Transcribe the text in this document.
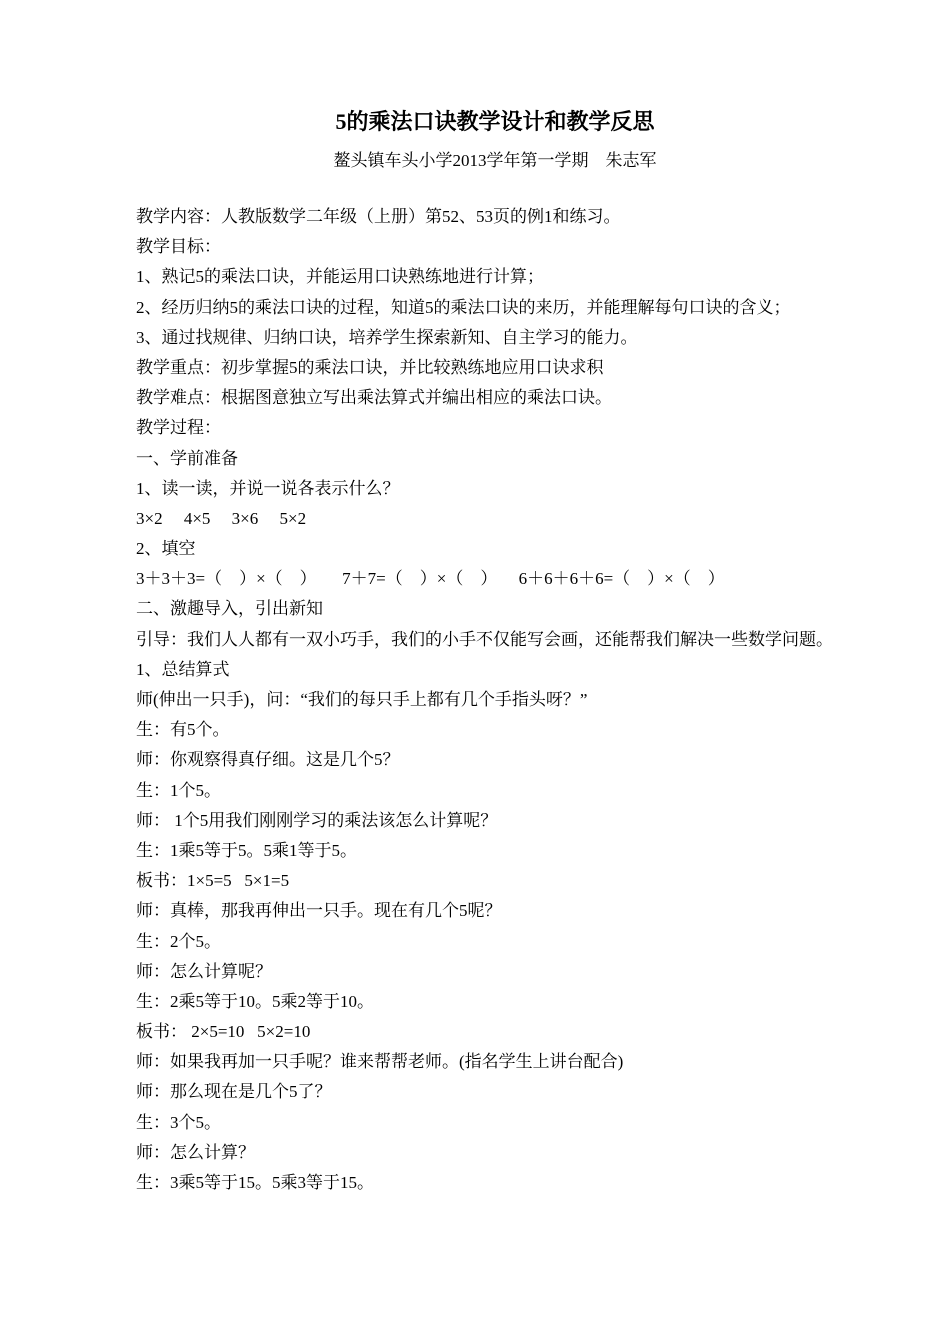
5的乘法口诀教学设计和教学反思
鳌头镇车头小学2013学年第一学期    朱志军
教学内容：人教版数学二年级（上册）第52、53页的例1和练习。
教学目标：
1、熟记5的乘法口诀，并能运用口诀熟练地进行计算；
2、经历归纳5的乘法口诀的过程，知道5的乘法口诀的来历，并能理解每句口诀的含义；
3、通过找规律、归纳口诀，培养学生探索新知、自主学习的能力。
教学重点：初步掌握5的乘法口诀，并比较熟练地应用口诀求积
教学难点：根据图意独立写出乘法算式并编出相应的乘法口诀。
教学过程：
一、学前准备
1、读一读，并说一说各表示什么？
3×2     4×5     3×6     5×2
2、填空
3＋3＋3=（    ）×（    ）      7＋7=（    ）×（    ）     6＋6＋6＋6=（    ）×（    ）
二、激趣导入，引出新知
引导：我们人人都有一双小巧手，我们的小手不仅能写会画，还能帮我们解决一些数学问题。
1、总结算式
师(伸出一只手)，问：“我们的每只手上都有几个手指头呀？”
生：有5个。
师：你观察得真仔细。这是几个5？
生：1个5。
师： 1个5用我们刚刚学习的乘法该怎么计算呢？
生：1乘5等于5。5乘1等于5。
板书：1×5=5   5×1=5
师：真棒，那我再伸出一只手。现在有几个5呢？
生：2个5。
师：怎么计算呢？
生：2乘5等于10。5乘2等于10。
板书： 2×5=10   5×2=10
师：如果我再加一只手呢？谁来帮帮老师。(指名学生上讲台配合)
师：那么现在是几个5了？
生：3个5。
师：怎么计算？
生：3乘5等于15。5乘3等于15。
